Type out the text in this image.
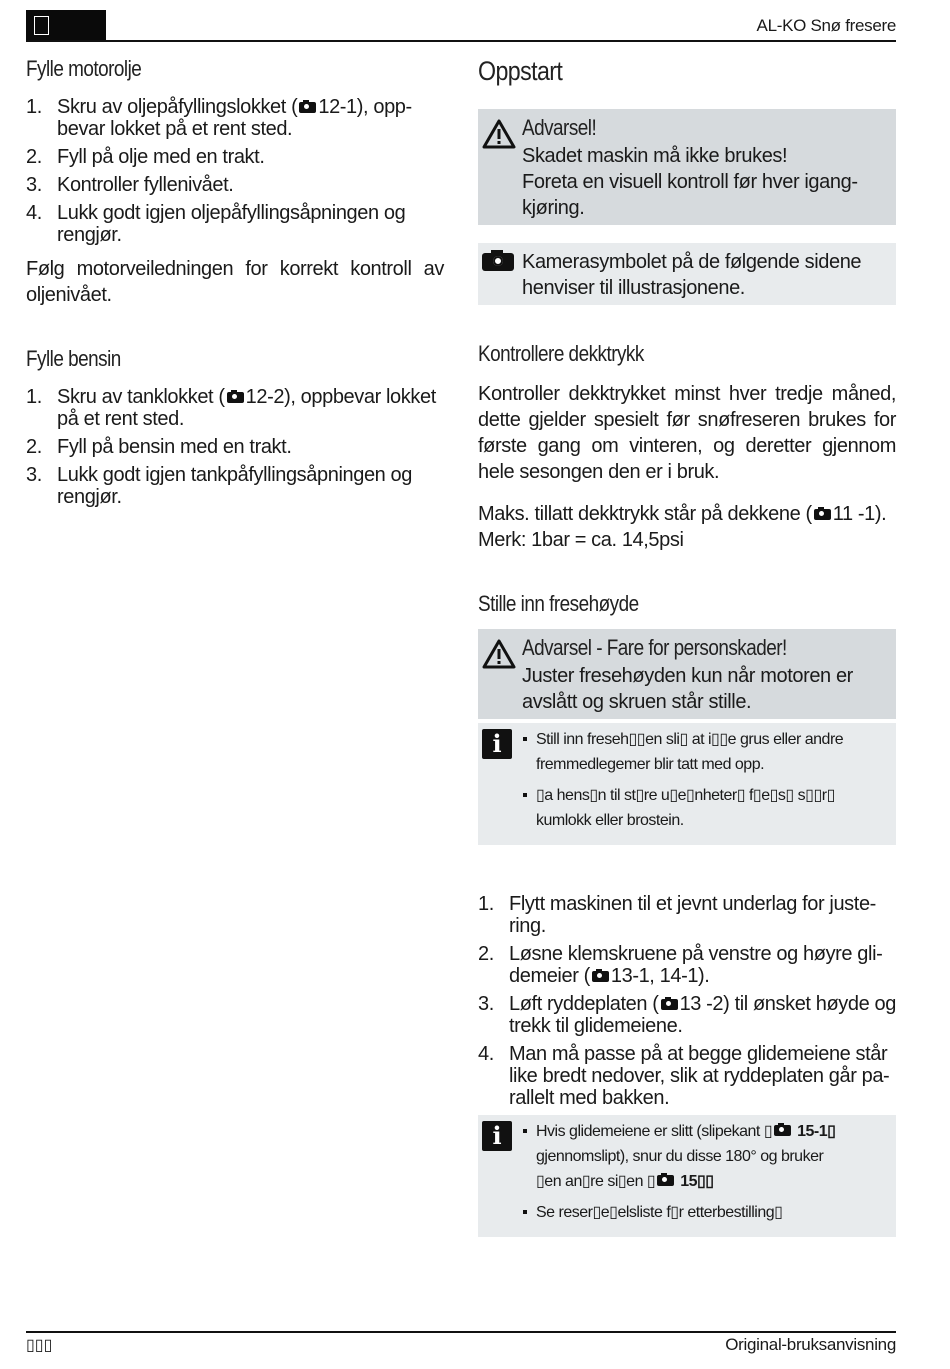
AL-KO Snø fresere
Fylle motorolje
1. Skru av oljepåfyllingslokket ( 12-1), opp-
bevar lokket på et rent sted.
2. Fyll på olje med en trakt.
3. Kontroller fyllenivået.
4. Lukk godt igjen oljepåfyllingsåpningen og rengjør.

Følg motorveiledningen for korrekt kontroll av oljenivået.

Fylle bensin
1. Skru av tanklokket ( 12-2), oppbevar lokket
på et rent sted.
2. Fyll på bensin med en trakt.
3. Lukk godt igjen tankpåfyllingsåpningen og rengjør.
Oppstart
Advarsel!
Skadet maskin må ikke brukes!
Foreta en visuell kontroll før hver igang-kjøring.
Kamerasymbolet på de følgende sidene henviser til illustrasjonene.
Kontrollere dekktrykk

Kontroller dekktrykket minst hver tredje måned, dette gjelder spesielt før snøfreseren brukes for første gang om vinteren, og deretter gjennom hele sesongen den er i bruk.

Maks. tillatt dekktrykk står på dekkene ( 11 -1).
Merk: 1bar = ca. 14,5psi

Stille inn fresehøyde
Advarsel - Fare for personskader!
Juster fresehøyden kun når motoren er avslått og skruen står stille.
i	Still inn freseh▯▯en sli▯ at i▯▯e grus eller andre fremmedlegemer blir tatt med opp.
▯a hens▯n til st▯re u▯e▯nheter▯ f▯e▯s▯ s▯▯r▯ kumlokk eller brostein.
1. Flytt maskinen til et jevnt underlag for juste-ring.
2. Løsne klemskruene på venstre og høyre gli-demeier ( 13-1, 14-1).
3. Løft ryddeplaten ( 13 -2) til ønsket høyde og trekk til glidemeiene.
4. Man må passe på at begge glidemeiene står like bredt nedover, slik at ryddeplaten går pa-rallelt med bakken.
i	Hvis glidemeiene er slitt (slipekant ▯ 15-1▯
gjennomslipt), snur du disse 180° og bruker
▯en an▯re si▯en ▯ 15▯▯
Se reser▯e▯elsliste f▯r etterbestilling▯
▯▯▯	Original-bruksanvisning
